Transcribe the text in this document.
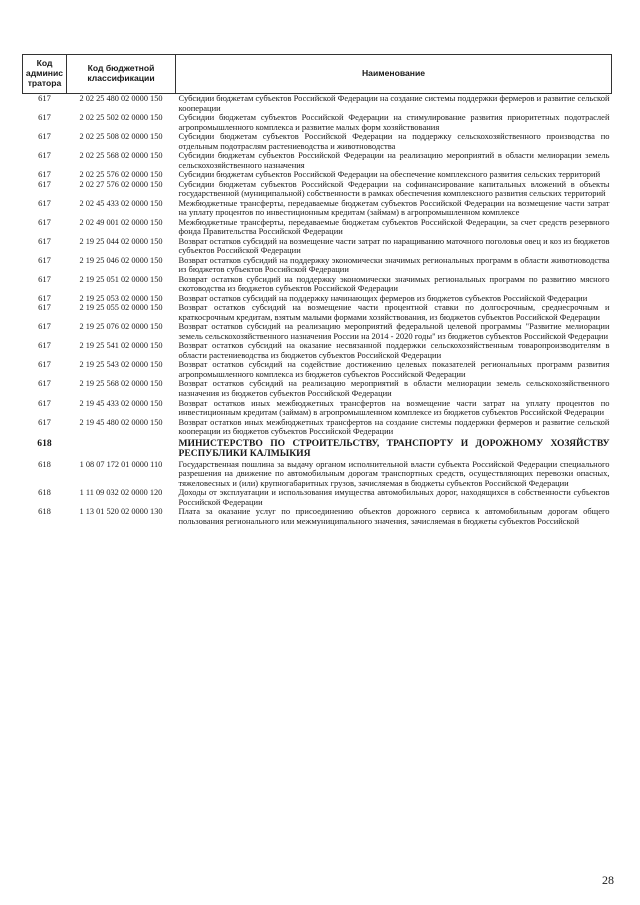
Код админис тратора	Код бюджетной классификации	Наименование
617	2 02 25 480 02 0000 150	Субсидии бюджетам субъектов Российской Федерации на создание системы поддержки фермеров и развитие сельской кооперации
617	2 02 25 502 02 0000 150	Субсидии бюджетам субъектов Российской Федерации на стимулирование развития приоритетных подотраслей агропромышленного комплекса и развитие малых форм хозяйствования
617	2 02 25 508 02 0000 150	Субсидии бюджетам субъектов Российской Федерации на поддержку сельскохозяйственного производства по отдельным подотраслям растениеводства и животноводства
617	2 02 25 568 02 0000 150	Субсидии бюджетам субъектов Российской Федерации на реализацию мероприятий в области мелиорации земель сельскохозяйственного назначения
617	2 02 25 576 02 0000 150	Субсидии бюджетам субъектов Российской Федерации на обеспечение комплексного развития сельских территорий
617	2 02 27 576 02 0000 150	Субсидии бюджетам субъектов Российской Федерации на софинансирование капитальных вложений в объекты государственной (муниципальной) собственности в рамках обеспечения комплексного развития сельских территорий
617	2 02 45 433 02 0000 150	Межбюджетные трансферты, передаваемые бюджетам субъектов Российской Федерации на возмещение части затрат на уплату процентов по инвестиционным кредитам (займам) в агропромышленном комплексе
617	2 02 49 001 02 0000 150	Межбюджетные трансферты, передаваемые бюджетам субъектов Российской Федерации, за счет средств резервного фонда Правительства Российской Федерации
617	2 19 25 044 02 0000 150	Возврат остатков субсидий на возмещение части затрат по наращиванию маточного поголовья овец и коз из бюджетов субъектов Российской Федерации
617	2 19 25 046 02 0000 150	Возврат остатков субсидий на поддержку экономически значимых региональных программ в области животноводства из бюджетов субъектов Российской Федерации
617	2 19 25 051 02 0000 150	Возврат остатков субсидий на поддержку экономически значимых региональных программ по развитию мясного скотоводства из бюджетов субъектов Российской Федерации
617	2 19 25 053 02 0000 150	Возврат остатков субсидий на поддержку начинающих фермеров из бюджетов субъектов Российской Федерации
617	2 19 25 055 02 0000 150	Возврат остатков субсидий на возмещение части процентной ставки по долгосрочным, среднесрочным и краткосрочным кредитам, взятым малыми формами хозяйствования, из бюджетов субъектов Российской Федерации
617	2 19 25 076 02 0000 150	Возврат остатков субсидий на реализацию мероприятий федеральной целевой программы "Развитие мелиорации земель сельскохозяйственного назначения России на 2014 - 2020 годы" из бюджетов субъектов Российской Федерации
617	2 19 25 541 02 0000 150	Возврат остатков субсидий на оказание несвязанной поддержки сельскохозяйственным товаропроизводителям в области растениеводства из бюджетов субъектов Российской Федерации
617	2 19 25 543 02 0000 150	Возврат остатков субсидий на содействие достижению целевых показателей региональных программ развития агропромышленного комплекса из бюджетов субъектов Российской Федерации
617	2 19 25 568 02 0000 150	Возврат остатков субсидий на реализацию мероприятий в области мелиорации земель сельскохозяйственного назначения из бюджетов субъектов Российской Федерации
617	2 19 45 433 02 0000 150	Возврат остатков иных межбюджетных трансфертов на возмещение части затрат на уплату процентов по инвестиционным кредитам (займам) в агропромышленном комплексе из бюджетов субъектов Российской Федерации
617	2 19 45 480 02 0000 150	Возврат остатков иных межбюджетных трансфертов на создание системы поддержки фермеров и развитие сельской кооперации из бюджетов субъектов Российской Федерации
618		МИНИСТЕРСТВО ПО СТРОИТЕЛЬСТВУ, ТРАНСПОРТУ И ДОРОЖНОМУ ХОЗЯЙСТВУ РЕСПУБЛИКИ КАЛМЫКИЯ
618	1 08 07 172 01 0000 110	Государственная пошлина за выдачу органом исполнительной власти субъекта Российской Федерации специального разрешения на движение по автомобильным дорогам транспортных средств, осуществляющих перевозки опасных, тяжеловесных и (или) крупногабаритных грузов, зачисляемая в бюджеты субъектов Российской Федерации
618	1 11 09 032 02 0000 120	Доходы от эксплуатации и использования имущества автомобильных дорог, находящихся в собственности субъектов Российской Федерации
618	1 13 01 520 02 0000 130	Плата за оказание услуг по присоединению объектов дорожного сервиса к автомобильным дорогам общего пользования регионального или межмуниципального значения, зачисляемая в бюджеты субъектов Российской
28
